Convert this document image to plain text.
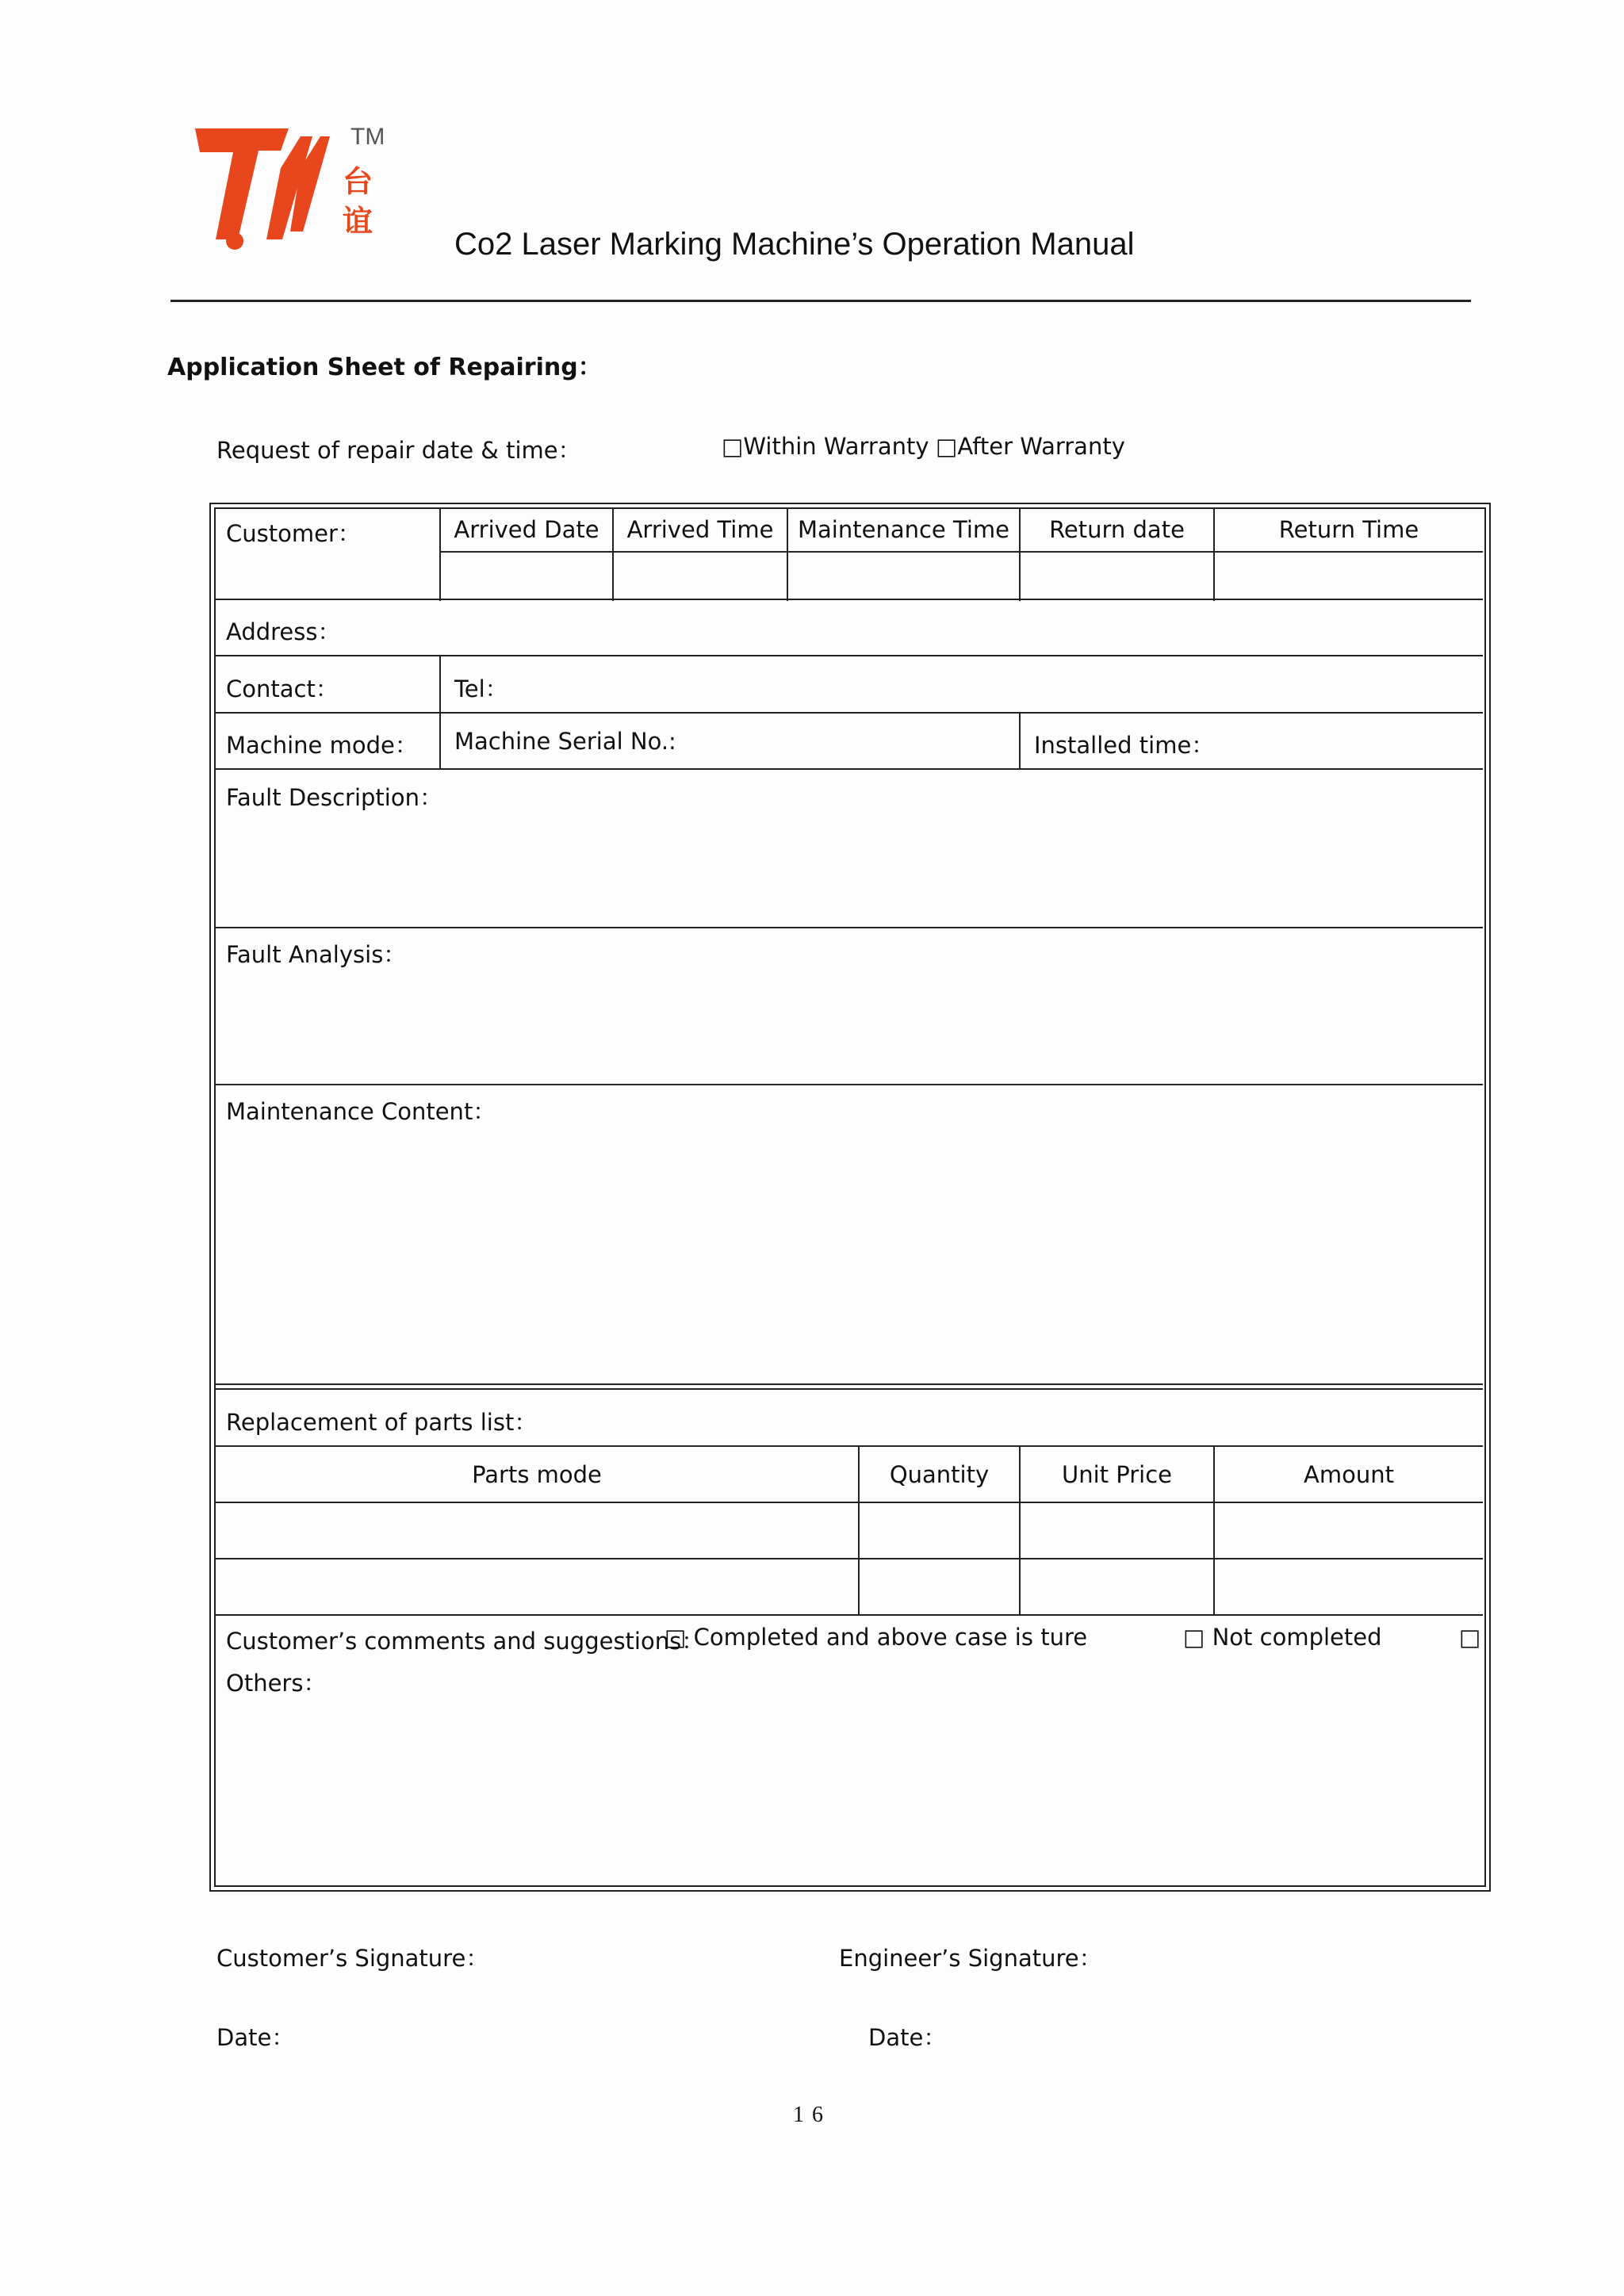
TM
台
谊
Co2 Laser Marking Machine’s Operation Manual
Application Sheet of Repairing：
Request of repair date & time：	□Within Warranty □After Warranty
Customer：	Arrived Date	Arrived Time	Maintenance Time	Return date	Return Time
Address：
Contact：	Tel：
Machine mode： Machine Serial No.:	Installed time：
Fault Description：
Fault Analysis：
Maintenance Content：
Replacement of parts list：
Parts mode	Quantity	Unit Price	Amount
Customer’s comments and suggestions：
□ Completed and above case is ture	□ Not completed	□
Others：
Customer’s Signature：	Engineer’s Signature：
Date：	Date：
16
